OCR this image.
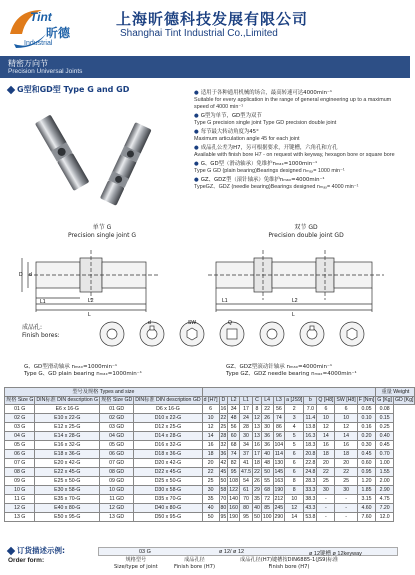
Tint
昕德
Industrial
上海昕德科技发展有限公司
Shanghai Tint Industrial Co.,Limited
精密万向节
Precision Universal Joints
G型和GD型 Type G and GD	● 适用于各种通用机械的场合，最高转速可达4000min⁻¹
Suitable for every application in the range of general engineering up to a maximum speed of 4000 min⁻¹
● G型为单节，GD型为双节
Type G precision single joint Type GD precision double joint
● 每节最大转动角度为45°
Maximum articulation angle 45 for each joint
● 成品孔公差为H7，另可根据要求，开键槽，六角孔和方孔
Available with finish bore H7 - on request with keyway, hexagon bore or square bore
● G、GD型（滑动轴承）免维护nₘₐₓ=1000min⁻¹
Type G GD (plain bearing)Bearings designed nₘₐₓ= 1000 min⁻¹
● GZ、GDZ型（滚针轴承）免维护nₘₐₓ=4000min⁻¹
TypeGZ、GDZ (needle bearing)Bearings designed nₘₐₓ= 4000 min⁻¹
单节 G
Precision single joint G
双节 GD
Precision double joint GD
L1	L2
L
D d
L1	L2
L
成品孔:
Finish bores:
d	SW	Q
G、GD型滑动轴承 nₘₐₓ=1000min⁻¹
Type G、GD plain bearing nₘₐₓ=1000min⁻¹
GZ、GDZ型滚动针轴承 nₘₐₓ=4000min⁻¹
Type GZ、GDZ needle bearing nₘₐₓ=4000min⁻¹
型号及规格 Types and size																重量 Weight	
规格 Size G	DIN标准 DIN description G	规格 Size GD	DIN标准 DIN description GD	d [H7]	D	L2	L1	C	L4	L3	a [JS9]	b	Q [H8]	SW [H8]	F [Nm]	G [Kg]	GD [Kg]
01 G	E6 x 16-G	01 GD	D6 x 16-G	6	16	34	17	8	22	56	2	7.0	6	6	0.05	0.08	
02 G	E10 x 22-G	02 GD	D10 x 22-G	10	22	48	24	12	26	74	3	11.4	10	10	0.10	0.15	
03 G	E12 x 25-G	03 GD	D12 x 25-G	12	25	56	28	13	30	86	4	13.8	12	12	0.16	0.25	
04 G	E14 x 28-G	04 GD	D14 x 28-G	14	28	60	30	13	36	96	5	16.3	14	14	0.20	0.40	
05 G	E16 x 32-G	05 GD	D16 x 32-G	16	32	68	34	16	36	104	5	18.3	16	16	0.30	0.45	
06 G	E18 x 36-G	06 GD	D18 x 36-G	18	36	74	37	17	40	114	6	20.8	18	18	0.45	0.70	
07 G	E20 x 42-G	07 GD	D20 x 42-G	20	42	82	41	18	48	130	6	22.8	20	20	0.60	1.00	
08 G	E22 x 45-G	08 GD	D22 x 45-G	22	45	95	47.5	22	50	145	6	24.8	22	22	0.95	1.55	
09 G	E25 x 50-G	09 GD	D25 x 50-G	25	50	108	54	26	55	163	8	28.3	25	25	1.20	2.00	
10 G	E30 x 58-G	10 GD	D30 x 58-G	30	58	122	61	29	68	190	8	33.3	30	30	1.85	2.90	
11 G	E35 x 70-G	11 GD	D35 x 70-G	35	70	140	70	35	72	212	10	38.3	-	-	3.15	4.75	
12 G	E40 x 80-G	12 GD	D40 x 80-G	40	80	160	80	40	85	245	12	43.3	-	-	4.60	7.20	
13 G	E50 x 95-G	13 GD	D50 x 95-G	50	95	190	95	50	100	290	14	53.8	-	-	7.60	12.0	
订货描述示例:
Order form:
03 G	ø 12/ ø 12	ø 12键槽 ø 12keyway
规格型号
Size/type of joint
成品孔径
Finish bore (H7)
成品孔径(H7)键槽按DIN6885-1(JS9)标准
Finish bore (H7)
